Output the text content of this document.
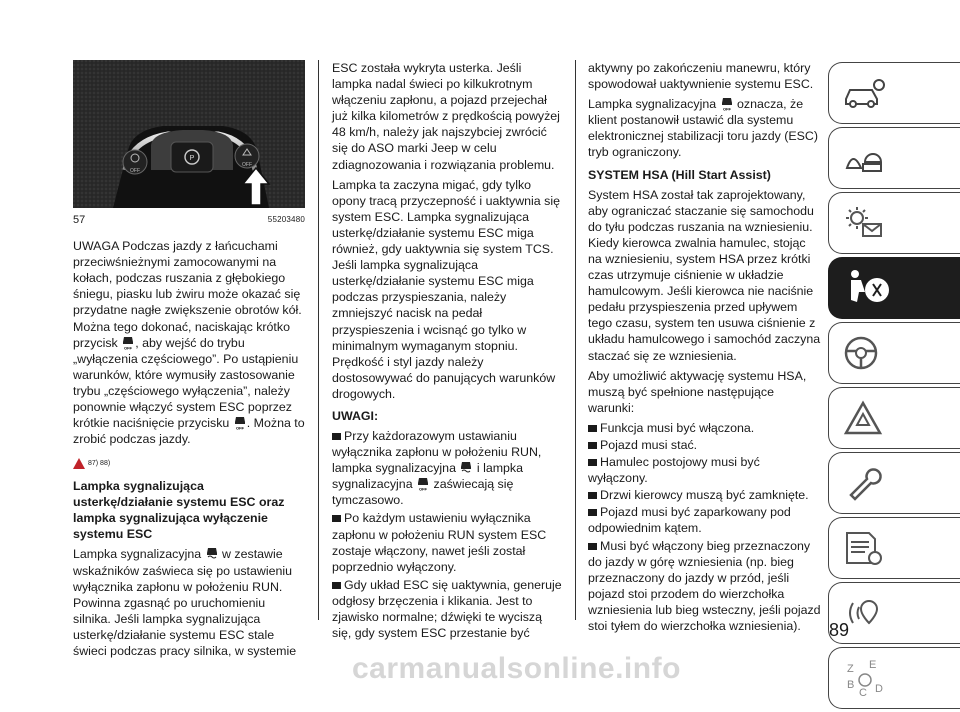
P
OFF
OFF
57	55203480

UWAGA Podczas jazdy z łańcuchami przeciwśnieżnymi zamocowanymi na kołach, podczas ruszania z głębokiego śniegu, piasku lub żwiru może okazać się przydatne nagłe zwiększenie obrotów kół. Można tego dokonać, naciskając krótko przycisk OFF , aby wejść do trybu „wyłączenia częściowego”. Po ustąpieniu warunków, które wymusiły zastosowanie trybu „częściowego wyłączenia”, należy ponownie włączyć system ESC poprzez krótkie naciśnięcie przycisku OFF . Można to zrobić podczas jazdy.

87) 88)

Lampka sygnalizująca usterkę/działanie systemu ESC oraz lampka sygnalizująca wyłączenie systemu ESC

Lampka sygnalizacyjna w zestawie wskaźników zaświeca się po ustawieniu wyłącznika zapłonu w położeniu RUN. Powinna zgasnąć po uruchomieniu silnika. Jeśli lampka sygnalizująca usterkę/działanie systemu ESC stale świeci podczas pracy silnika, w systemie

ESC została wykryta usterka. Jeśli lampka nadal świeci po kilkukrotnym włączeniu zapłonu, a pojazd przejechał już kilka kilometrów z prędkością powyżej 48 km/h, należy jak najszybciej zwrócić się do ASO marki Jeep w celu zdiagnozowania i rozwiązania problemu.

Lampka ta zaczyna migać, gdy tylko opony tracą przyczepność i uaktywnia się system ESC. Lampka sygnalizująca usterkę/działanie systemu ESC miga również, gdy uaktywnia się system TCS. Jeśli lampka sygnalizująca usterkę/działanie systemu ESC miga podczas przyspieszania, należy zmniejszyć nacisk na pedał przyspieszenia i wcisnąć go tylko w minimalnym wymaganym stopniu. Prędkość i styl jazdy należy dostosowywać do panujących warunków drogowych.

UWAGI:

Przy każdorazowym ustawianiu wyłącznika zapłonu w położeniu RUN, lampka sygnalizacyjna i lampka sygnalizacyjna OFF zaświecają się tymczasowo.

Po każdym ustawieniu wyłącznika zapłonu w położeniu RUN system ESC zostaje włączony, nawet jeśli został poprzednio wyłączony.

Gdy układ ESC się uaktywnia, generuje odgłosy brzęczenia i klikania. Jest to zjawisko normalne; dźwięki te wyciszą się, gdy system ESC przestanie być

aktywny po zakończeniu manewru, który spowodował uaktywnienie systemu ESC.

Lampka sygnalizacyjna OFF oznacza, że klient postanowił ustawić dla systemu elektronicznej stabilizacji toru jazdy (ESC) tryb ograniczony.

SYSTEM HSA (Hill Start Assist)

System HSA został tak zaprojektowany, aby ograniczać staczanie się samochodu do tyłu podczas ruszania na wzniesieniu. Kiedy kierowca zwalnia hamulec, stojąc na wzniesieniu, system HSA przez krótki czas utrzymuje ciśnienie w układzie hamulcowym. Jeśli kierowca nie naciśnie pedału przyspieszenia przed upływem tego czasu, system ten usuwa ciśnienie z układu hamulcowego i samochód zaczyna staczać się ze wzniesienia.

Aby umożliwić aktywację systemu HSA, muszą być spełnione następujące warunki:

Funkcja musi być włączona.

Pojazd musi stać.

Hamulec postojowy musi być wyłączony.

Drzwi kierowcy muszą być zamknięte.

Pojazd musi być zaparkowany pod odpowiednim kątem.

Musi być włączony bieg przeznaczony do jazdy w górę wzniesienia (np. bieg przeznaczony do jazdy w przód, jeśli pojazd stoi przodem do wierzchołka wzniesienia lub bieg wsteczny, jeśli pojazd stoi tyłem do wierzchołka wzniesienia).

Z E
B
C D
89
carmanualsonline.info
